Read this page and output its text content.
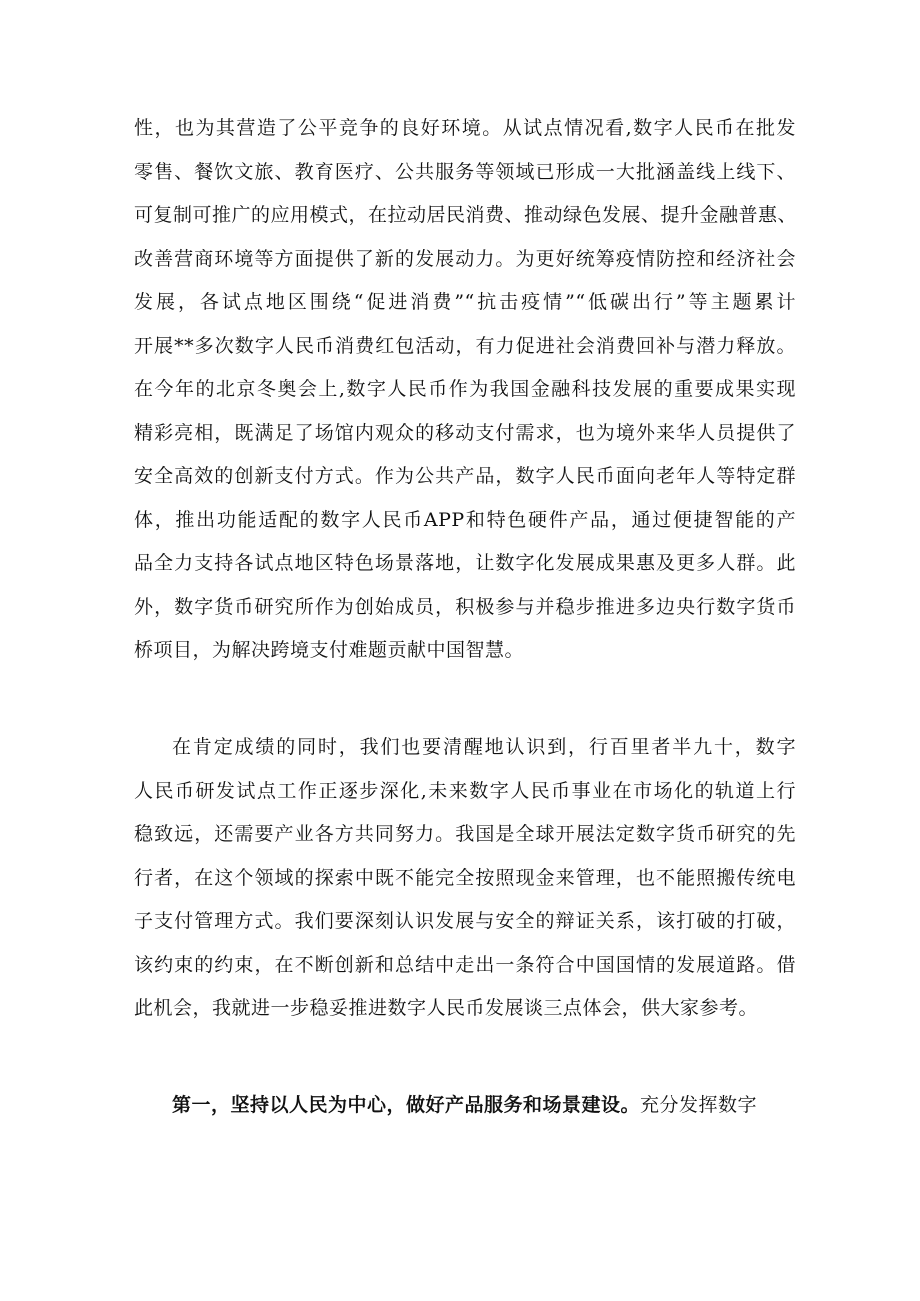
性，也为其营造了公平竞争的良好环境。从试点情况看,数字人民币在批发
零售、餐饮文旅、教育医疗、公共服务等领域已形成一大批涵盖线上线下、
可复制可推广的应用模式，在拉动居民消费、推动绿色发展、提升金融普惠、
改善营商环境等方面提供了新的发展动力。为更好统筹疫情防控和经济社会
发展，各试点地区围绕“促进消费”“抗击疫情”“低碳出行”等主题累计
开展**多次数字人民币消费红包活动，有力促进社会消费回补与潜力释放。
在今年的北京冬奥会上,数字人民币作为我国金融科技发展的重要成果实现
精彩亮相，既满足了场馆内观众的移动支付需求，也为境外来华人员提供了
安全高效的创新支付方式。作为公共产品，数字人民币面向老年人等特定群
体，推出功能适配的数字人民币APP和特色硬件产品，通过便捷智能的产
品全力支持各试点地区特色场景落地，让数字化发展成果惠及更多人群。此
外，数字货币研究所作为创始成员，积极参与并稳步推进多边央行数字货币
桥项目，为解决跨境支付难题贡献中国智慧。
在肯定成绩的同时，我们也要清醒地认识到，行百里者半九十，数字
人民币研发试点工作正逐步深化,未来数字人民币事业在市场化的轨道上行
稳致远，还需要产业各方共同努力。我国是全球开展法定数字货币研究的先
行者，在这个领域的探索中既不能完全按照现金来管理，也不能照搬传统电
子支付管理方式。我们要深刻认识发展与安全的辩证关系，该打破的打破，
该约束的约束，在不断创新和总结中走出一条符合中国国情的发展道路。借
此机会，我就进一步稳妥推进数字人民币发展谈三点体会，供大家参考。
第一，坚持以人民为中心，做好产品服务和场景建设。充分发挥数字
